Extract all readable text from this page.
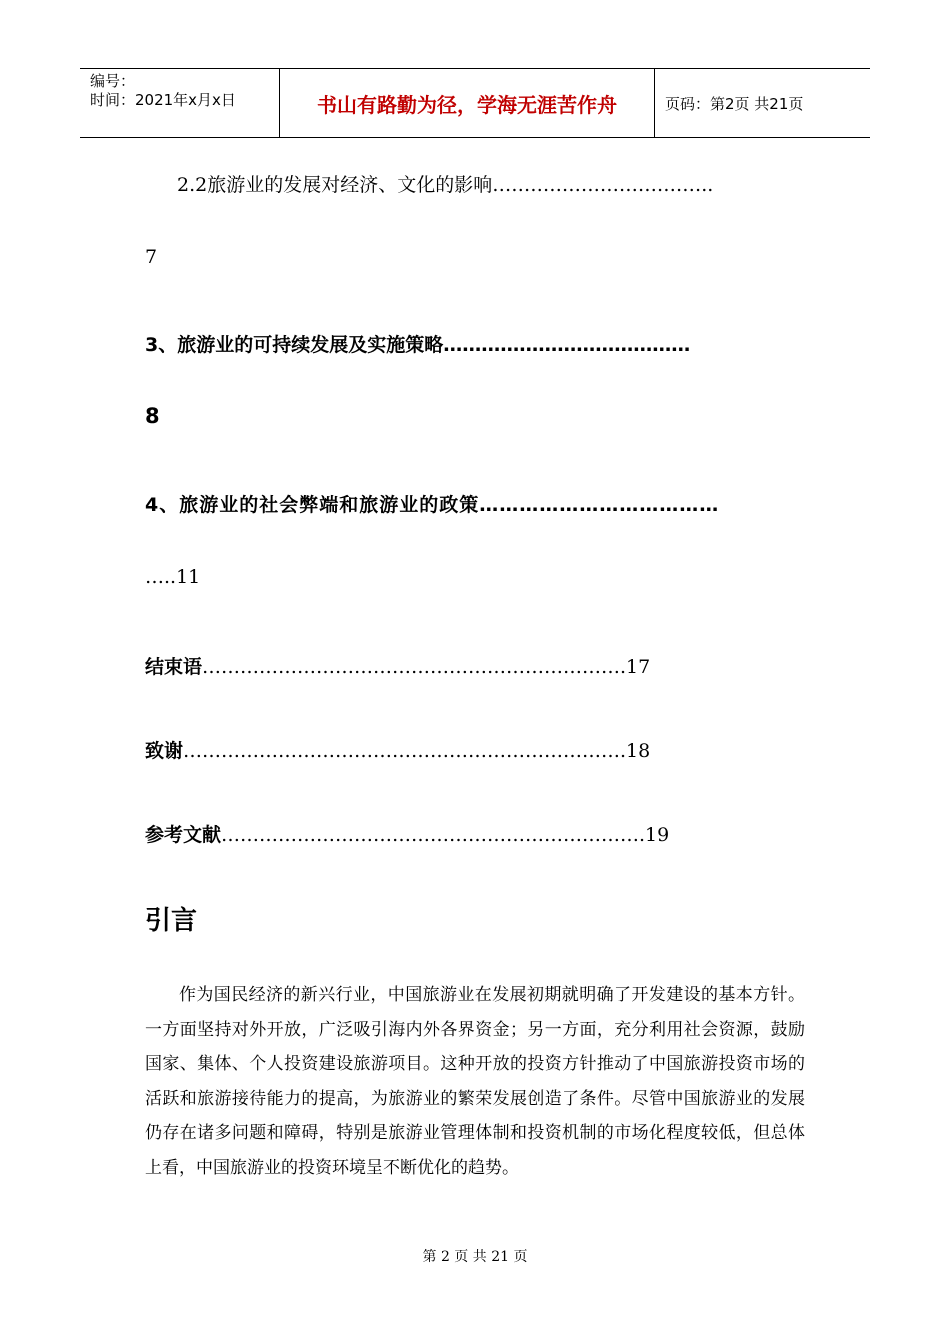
编号：
时间：2021年x月x日	书山有路勤为径，学海无涯苦作舟	页码：第2页 共21页
2.2旅游业的发展对经济、文化的影响……………………………..
7
3、旅游业的可持续发展及实施策略…………………………………
8
4、旅游业的社会弊端和旅游业的政策………………………………
…..11
结束语………………………………………………………….17
致谢…………………………………………………………….18
参考文献………………………………………………………….19
引言
作为国民经济的新兴行业，中国旅游业在发展初期就明确了开发建设的基本方针。一方面坚持对外开放，广泛吸引海内外各界资金；另一方面，充分利用社会资源，鼓励国家、集体、个人投资建设旅游项目。这种开放的投资方针推动了中国旅游投资市场的活跃和旅游接待能力的提高，为旅游业的繁荣发展创造了条件。尽管中国旅游业的发展仍存在诸多问题和障碍，特别是旅游业管理体制和投资机制的市场化程度较低，但总体上看，中国旅游业的投资环境呈不断优化的趋势。
第 2 页 共 21 页
